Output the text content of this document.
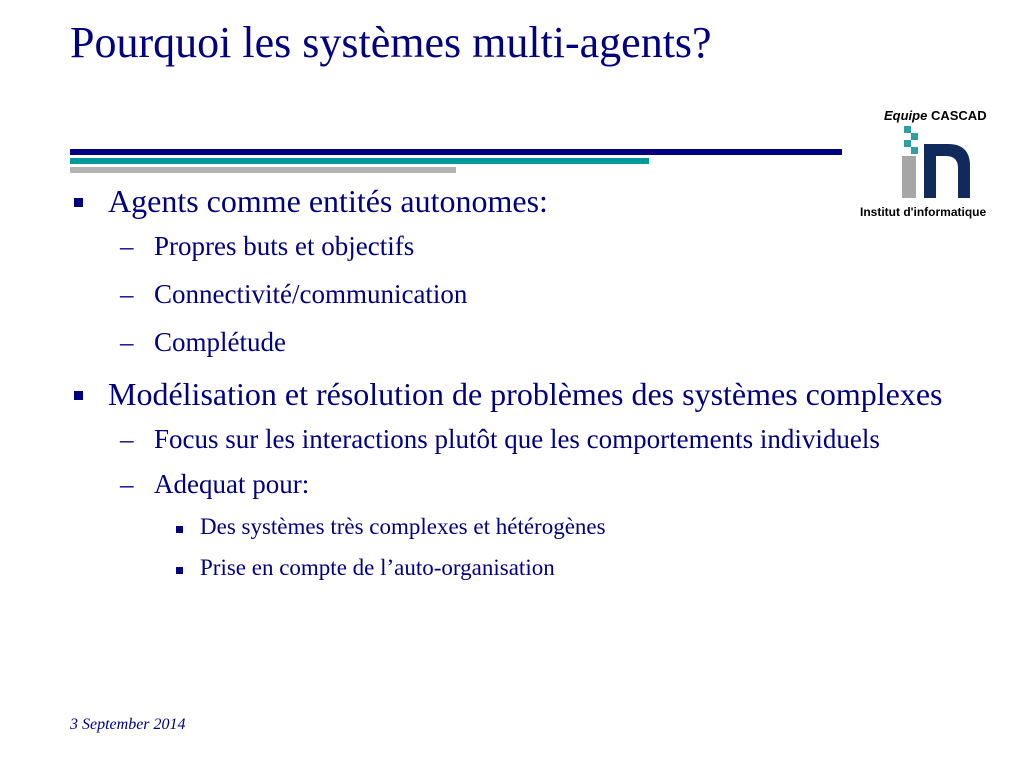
Pourquoi les systèmes multi-agents?
Equipe CASCAD
Institut d'informatique
Agents comme entités autonomes:
– Propres buts et objectifs
– Connectivité/communication
– Complétude
Modélisation et résolution de problèmes des systèmes complexes
– Focus sur les interactions plutôt que les comportements individuels
– Adequat pour:
Des systèmes très complexes et hétérogènes
Prise en compte de l’auto-organisation
3 September 2014
